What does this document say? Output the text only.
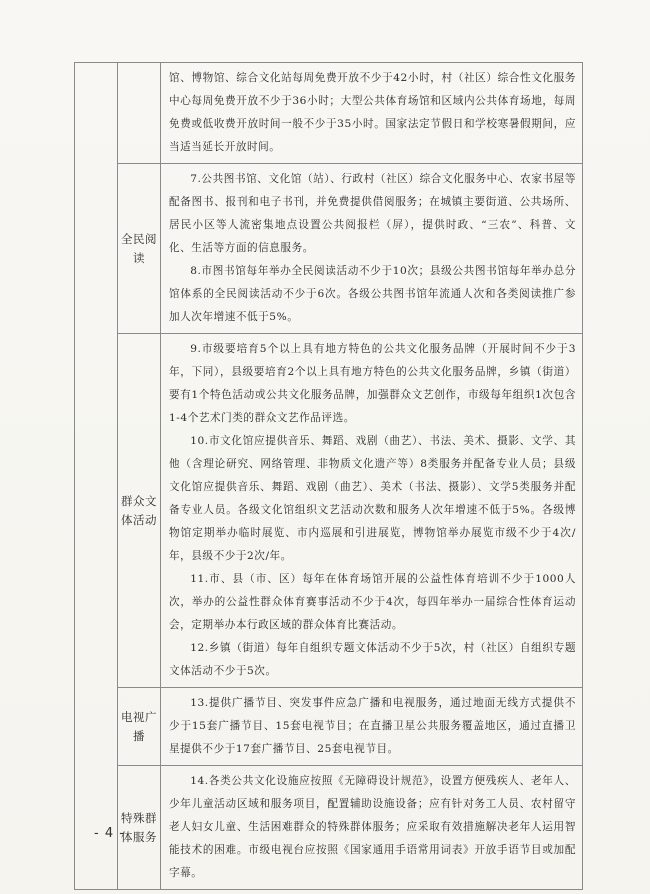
		馆、博物馆、综合文化站每周免费开放不少于42小时，村（社区）综合性文化服务中心每周免费开放不少于36小时；大型公共体育场馆和区域内公共体育场地，每周免费或低收费开放时间一般不少于35小时。国家法定节假日和学校寒暑假期间，应当适当延长开放时间。

	全民阅读	7.公共图书馆、文化馆（站）、行政村（社区）综合文化服务中心、农家书屋等配备图书、报刊和电子书刊，并免费提供借阅服务；在城镇主要街道、公共场所、居民小区等人流密集地点设置公共阅报栏（屏），提供时政、“三农”、科普、文化、生活等方面的信息服务。

8.市图书馆每年举办全民阅读活动不少于10次；县级公共图书馆每年举办总分馆体系的全民阅读活动不少于6次。各级公共图书馆年流通人次和各类阅读推广参加人次年增速不低于5%。

	群众文体活动	9.市级要培育5个以上具有地方特色的公共文化服务品牌（开展时间不少于3年，下同），县级要培育2个以上具有地方特色的公共文化服务品牌，乡镇（街道）要有1个特色活动或公共文化服务品牌，加强群众文艺创作，市级每年组织1次包含1-4个艺术门类的群众文艺作品评选。

10.市文化馆应提供音乐、舞蹈、戏剧（曲艺）、书法、美术、摄影、文学、其他（含理论研究、网络管理、非物质文化遗产等）8类服务并配备专业人员；县级文化馆应提供音乐、舞蹈、戏剧（曲艺）、美术（书法、摄影）、文学5类服务并配备专业人员。各级文化馆组织文艺活动次数和服务人次年增速不低于5%。各级博物馆定期举办临时展览、市内巡展和引进展览，博物馆举办展览市级不少于4次/年，县级不少于2次/年。

11.市、县（市、区）每年在体育场馆开展的公益性体育培训不少于1000人次，举办的公益性群众体育赛事活动不少于4次，每四年举办一届综合性体育运动会，定期举办本行政区域的群众体育比赛活动。

12.乡镇（街道）每年自组织专题文体活动不少于5次，村（社区）自组织专题文体活动不少于5次。

	电视广播	13.提供广播节目、突发事件应急广播和电视服务，通过地面无线方式提供不少于15套广播节目、15套电视节目；在直播卫星公共服务覆盖地区，通过直播卫星提供不少于17套广播节目、25套电视节目。

	特殊群体服务	14.各类公共文化设施应按照《无障碍设计规范》，设置方便残疾人、老年人、少年儿童活动区域和服务项目，配置辅助设施设备；应有针对务工人员、农村留守老人妇女儿童、生活困难群众的特殊群体服务；应采取有效措施解决老年人运用智能技术的困难。市级电视台应按照《国家通用手语常用词表》开放手语节目或加配字幕。

- 4 -
